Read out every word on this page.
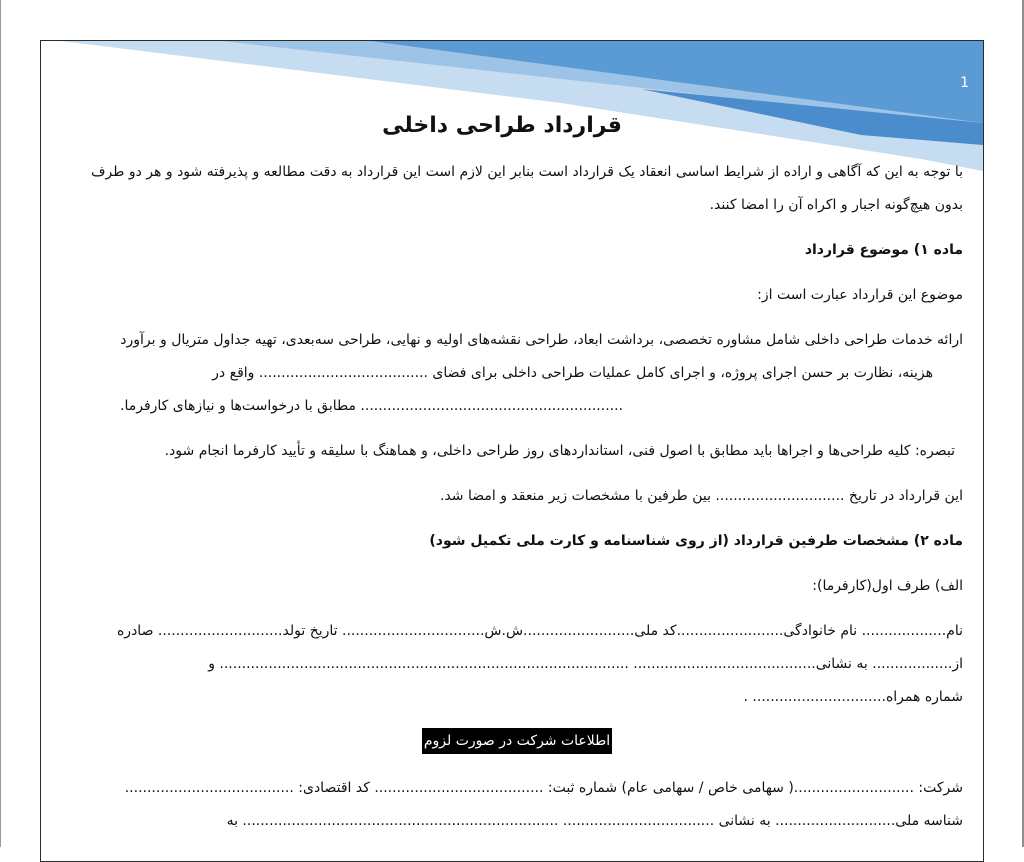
1
قرارداد طراحی داخلی

با توجه به این که آگاهی و اراده از شرایط اساسی انعقاد یک قرارداد است بنابر این لازم است این قرارداد به دقت مطالعه و پذیرفته شود و هر دو طرف

بدون هیچ‌گونه اجبار و اکراه آن را امضا کنند.

ماده ۱) موضوع قرارداد

موضوع این قرارداد عبارت است از:

ارائه خدمات طراحی داخلی شامل مشاوره تخصصی، برداشت ابعاد، طراحی نقشه‌های اولیه و نهایی، طراحی سه‌بعدی، تهیه جداول متریال و برآورد

هزینه، نظارت بر حسن اجرای پروژه، و اجرای کامل عملیات طراحی داخلی برای فضای ...................................... واقع در

........................................................... مطابق با درخواست‌ها و نیازهای کارفرما.

تبصره: کلیه طراحی‌ها و اجراها باید مطابق با اصول فنی، استانداردهای روز طراحی داخلی، و هماهنگ با سلیقه و تأیید کارفرما انجام شود.

این قرارداد در تاریخ ............................. بین طرفین با مشخصات زیر منعقد و امضا شد.

ماده ۲) مشخصات طرفین قرارداد (از روی شناسنامه و کارت ملی تکمیل شود)

الف) طرف اول(کارفرما):

نام................... نام خانوادگی........................کد ملی.........................ش.ش................................ تاریخ تولد............................ صادره

از.................. به نشانی......................................... ............................................................................................ و

شماره همراه.............................. .

اطلاعات شرکت در صورت لزوم

شرکت: ...........................( سهامی خاص / سهامی عام) شماره ثبت: ...................................... کد اقتصادی: ......................................

شناسه ملی........................... به نشانی .................................. ....................................................................... به
